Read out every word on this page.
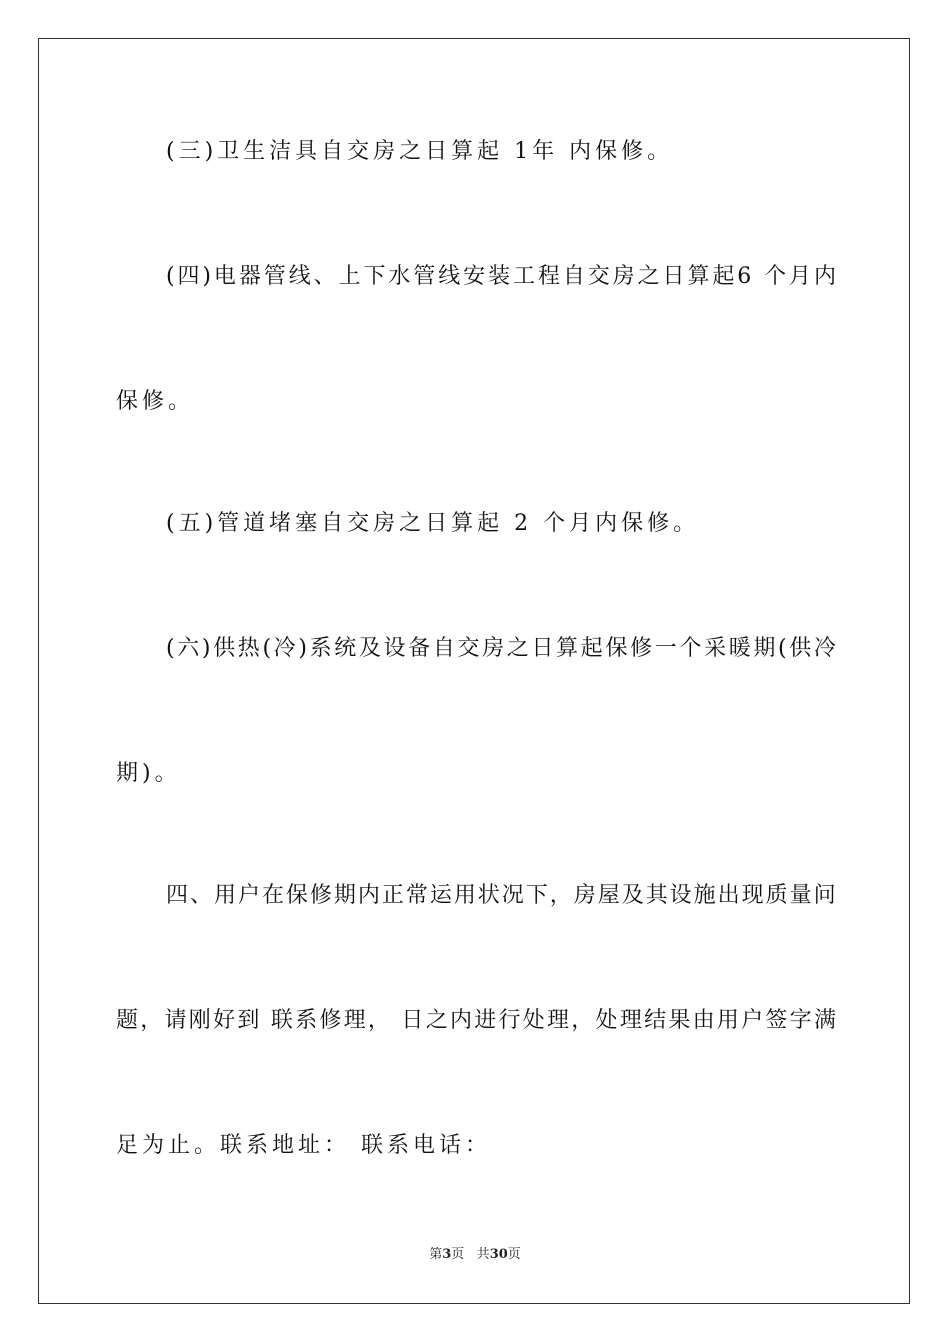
(三)卫生洁具自交房之日算起 1年 内保修。

( 四 ) 电 器 管 线 、 上 下 水 管 线 安 装 工 程 自 交 房 之 日 算 起 6
个 月 内

保修。

(五)管道堵塞自交房之日算起 2 个月内保修。

( 六 ) 供 热 ( 冷 ) 系 统 及 设 备 自 交 房 之 日 算 起 保 修 一 个 采 暖 期 ( 供 冷

期)。

四 、 用 户 在 保 修 期 内 正 常 运 用 状 况 下 ， 房 屋 及 其 设 施 出 现 质 量 问

题 ， 请 刚 好 到
联 系 修 理 ，
日 之 内 进 行 处 理 ， 处 理 结 果 由 用 户 签 字 满

足为止。联系地址： 联系电话：

第3页 共30页
